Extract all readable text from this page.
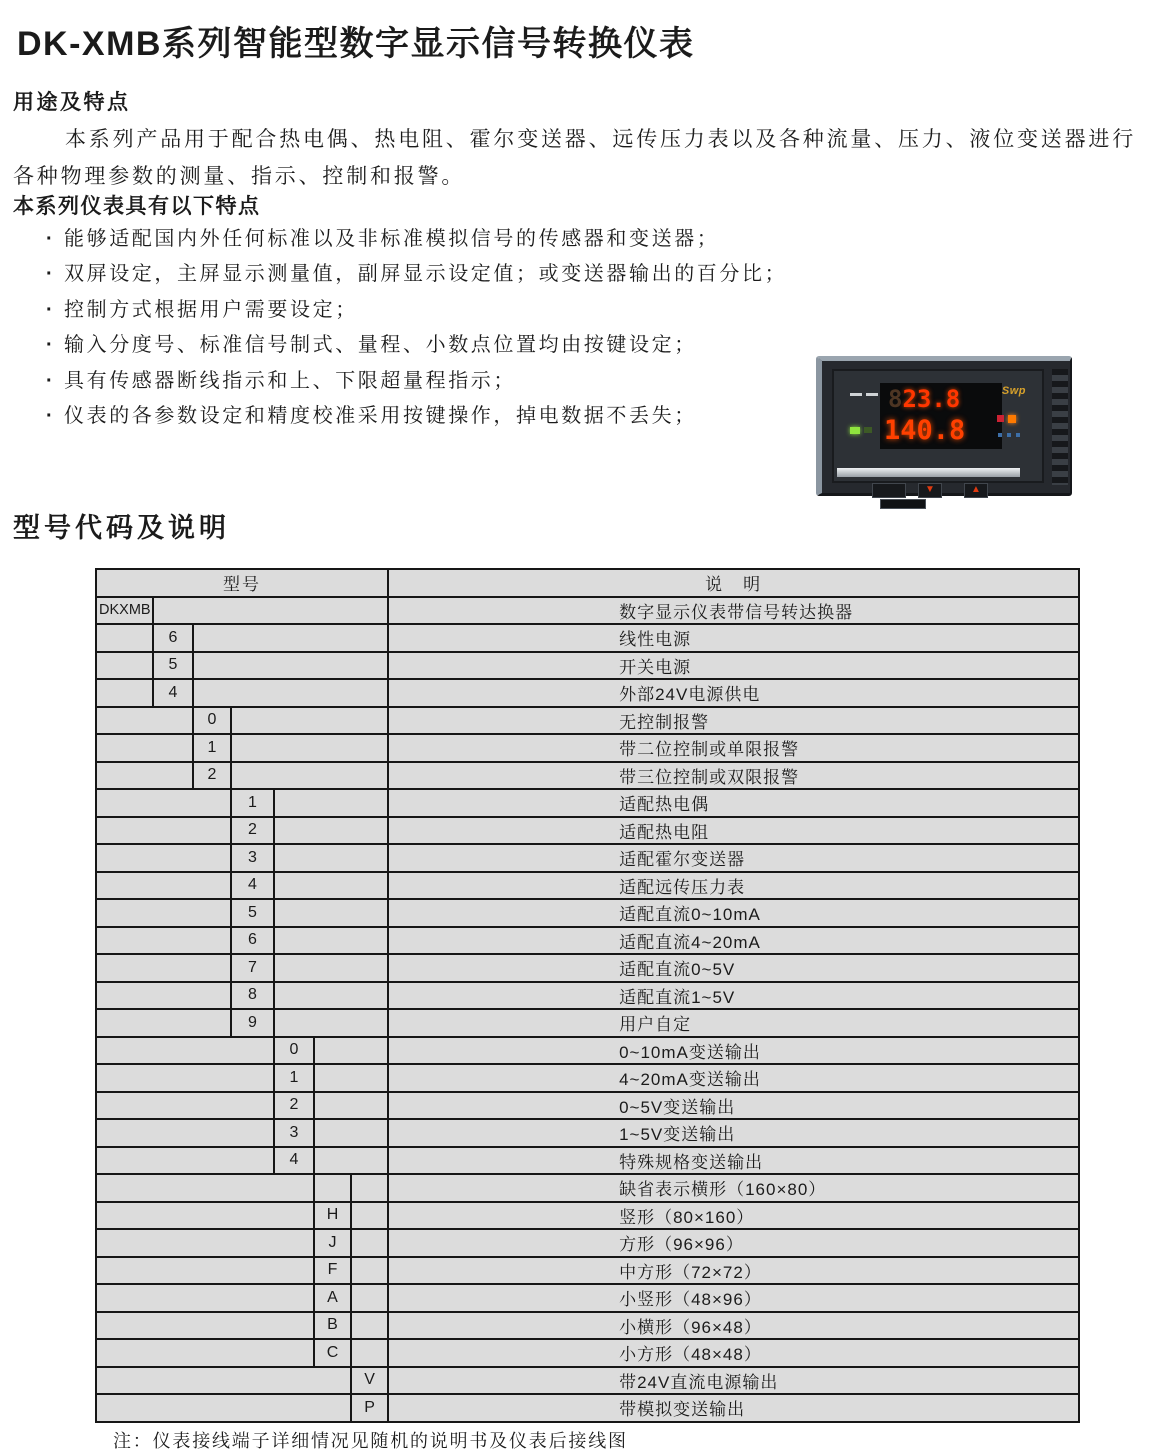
DK-XMB系列智能型数字显示信号转换仪表
用途及特点
本系列产品用于配合热电偶、热电阻、霍尔变送器、远传压力表以及各种流量、压力、液位变送器进行各种物理参数的测量、指示、控制和报警。
本系列仪表具有以下特点
· 能够适配国内外任何标准以及非标准模拟信号的传感器和变送器；
· 双屏设定，主屏显示测量值，副屏显示设定值；或变送器输出的百分比；
· 控制方式根据用户需要设定；
· 输入分度号、标准信号制式、量程、小数点位置均由按键设定；
· 具有传感器断线指示和上、下限超量程指示；
· 仪表的各参数设定和精度校准采用按键操作，掉电数据不丢失；
823.8
140.8
Swp
▼	▲
型号代码及说明
型号							说　明
DKXMB							数字显示仪表带信号转达换器
	6						线性电源
	5						开关电源
	4						外部24V电源供电
		0					无控制报警
		1					带二位控制或单限报警
		2					带三位控制或双限报警
			1				适配热电偶
			2				适配热电阻
			3				适配霍尔变送器
			4				适配远传压力表
			5				适配直流0~10mA
			6				适配直流4~20mA
			7				适配直流0~5V
			8				适配直流1~5V
			9				用户自定
				0			0~10mA变送输出
				1			4~20mA变送输出
				2			0~5V变送输出
				3			1~5V变送输出
				4			特殊规格变送输出
							缺省表示横形（160×80）
					H		竖形（80×160）
					J		方形（96×96）
					F		中方形（72×72）
					A		小竖形（48×96）
					B		小横形（96×48）
					C		小方形（48×48）
						V	带24V直流电源输出
						P	带模拟变送输出
注：仪表接线端子详细情况见随机的说明书及仪表后接线图
